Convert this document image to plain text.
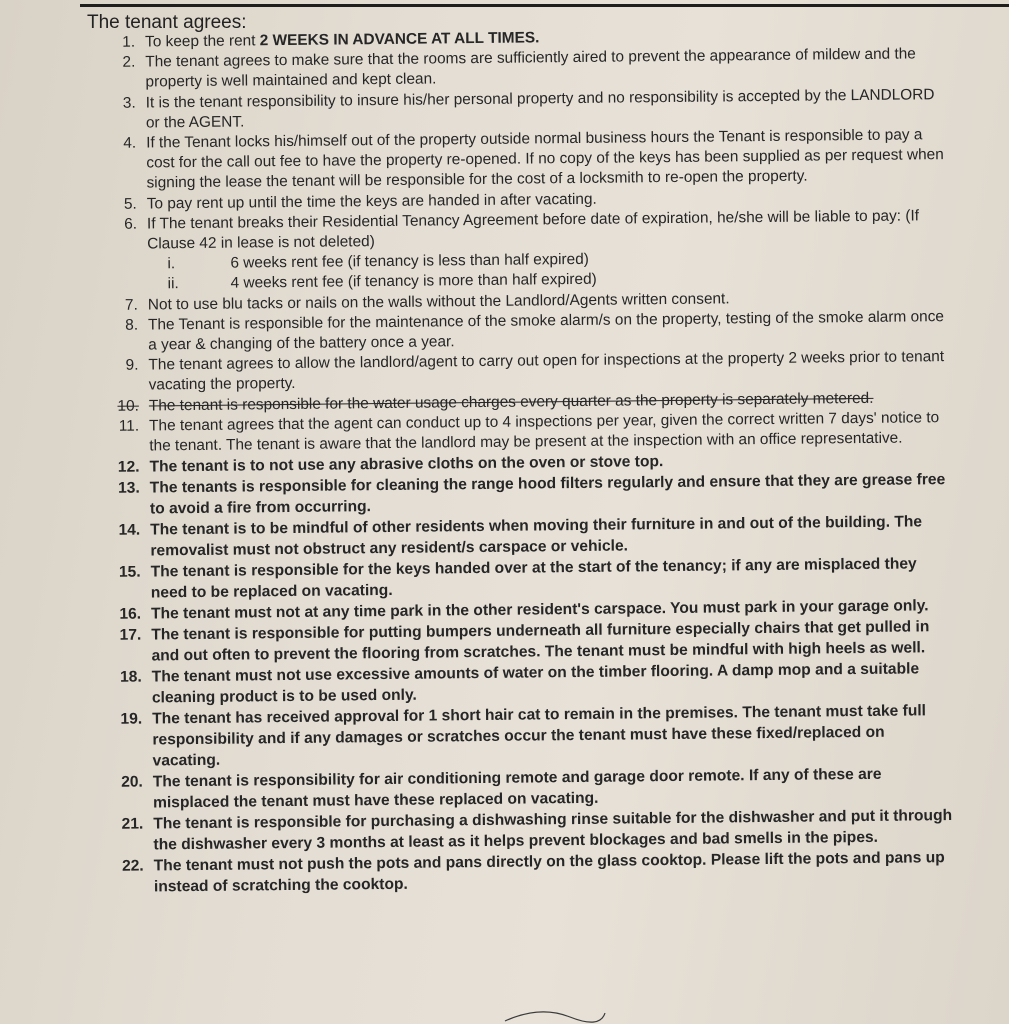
The tenant agrees:
1. To keep the rent 2 WEEKS IN ADVANCE AT ALL TIMES.
2. The tenant agrees to make sure that the rooms are sufficiently aired to prevent the appearance of mildew and the property is well maintained and kept clean.
3. It is the tenant responsibility to insure his/her personal property and no responsibility is accepted by the LANDLORD or the AGENT.
4. If the Tenant locks his/himself out of the property outside normal business hours the Tenant is responsible to pay a cost for the call out fee to have the property re-opened. If no copy of the keys has been supplied as per request when signing the lease the tenant will be responsible for the cost of a locksmith to re-open the property.
5. To pay rent up until the time the keys are handed in after vacating.
6. If The tenant breaks their Residential Tenancy Agreement before date of expiration, he/she will be liable to pay: (If Clause 42 in lease is not deleted)
i.	6 weeks rent fee (if tenancy is less than half expired)
ii.	4 weeks rent fee (if tenancy is more than half expired)
7. Not to use blu tacks or nails on the walls without the Landlord/Agents written consent.
8. The Tenant is responsible for the maintenance of the smoke alarm/s on the property, testing of the smoke alarm once a year & changing of the battery once a year.
9. The tenant agrees to allow the landlord/agent to carry out open for inspections at the property 2 weeks prior to tenant vacating the property.
10. The tenant is responsible for the water usage charges every quarter as the property is separately metered.
11. The tenant agrees that the agent can conduct up to 4 inspections per year, given the correct written 7 days' notice to the tenant. The tenant is aware that the landlord may be present at the inspection with an office representative.
12. The tenant is to not use any abrasive cloths on the oven or stove top.
13. The tenants is responsible for cleaning the range hood filters regularly and ensure that they are grease free to avoid a fire from occurring.
14. The tenant is to be mindful of other residents when moving their furniture in and out of the building. The removalist must not obstruct any resident/s carspace or vehicle.
15. The tenant is responsible for the keys handed over at the start of the tenancy; if any are misplaced they need to be replaced on vacating.
16. The tenant must not at any time park in the other resident's carspace. You must park in your garage only.
17. The tenant is responsible for putting bumpers underneath all furniture especially chairs that get pulled in and out often to prevent the flooring from scratches. The tenant must be mindful with high heels as well.
18. The tenant must not use excessive amounts of water on the timber flooring. A damp mop and a suitable cleaning product is to be used only.
19. The tenant has received approval for 1 short hair cat to remain in the premises. The tenant must take full responsibility and if any damages or scratches occur the tenant must have these fixed/replaced on vacating.
20. The tenant is responsibility for air conditioning remote and garage door remote. If any of these are misplaced the tenant must have these replaced on vacating.
21. The tenant is responsible for purchasing a dishwashing rinse suitable for the dishwasher and put it through the dishwasher every 3 months at least as it helps prevent blockages and bad smells in the pipes.
22. The tenant must not push the pots and pans directly on the glass cooktop. Please lift the pots and pans up instead of scratching the cooktop.
